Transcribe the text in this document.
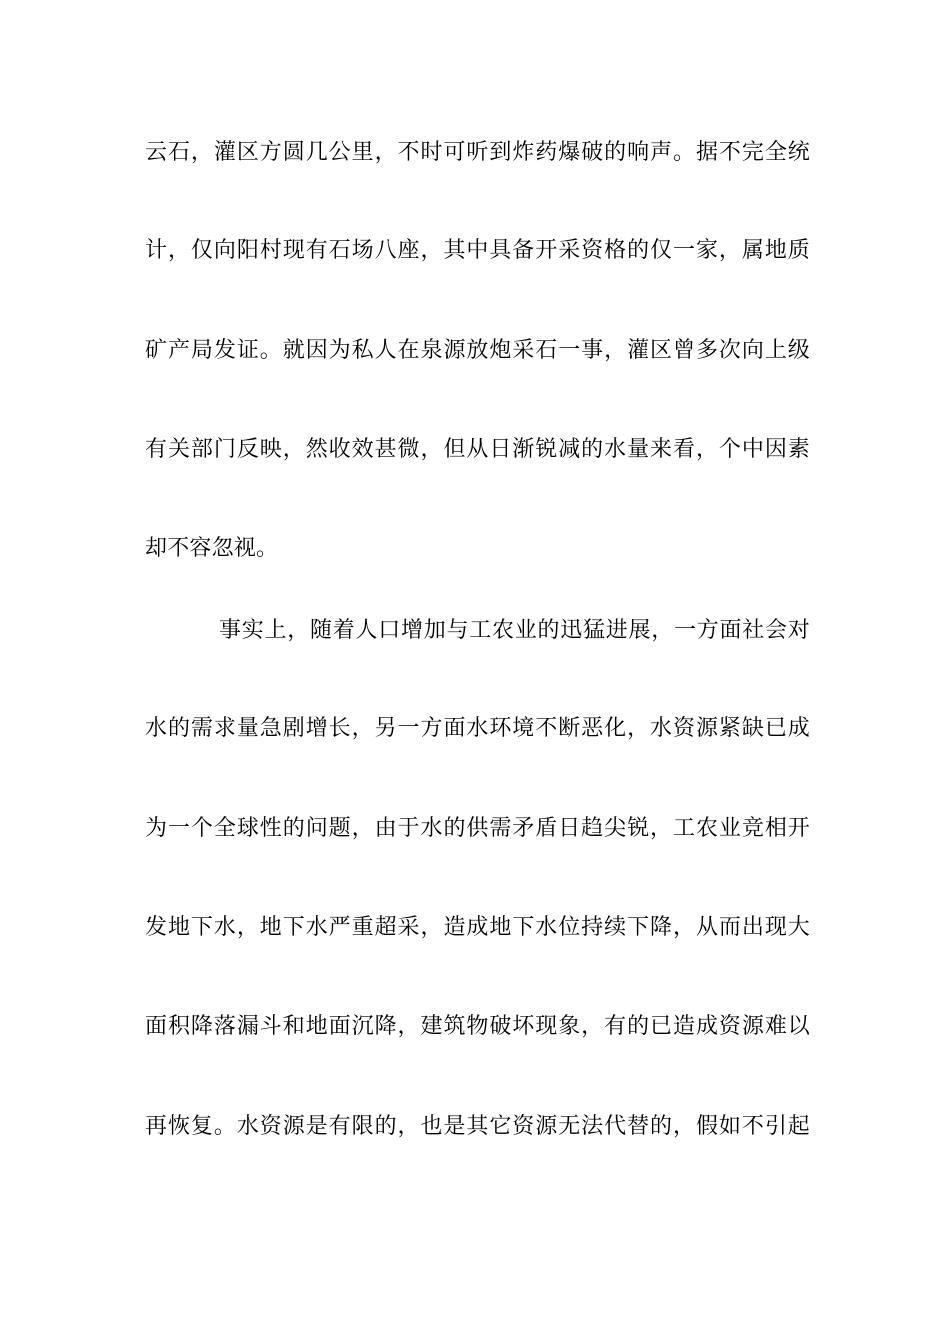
云石，灌区方圆几公里，不时可听到炸药爆破的响声。据不完全统
计，仅向阳村现有石场八座，其中具备开采资格的仅一家，属地质
矿产局发证。就因为私人在泉源放炮采石一事，灌区曾多次向上级
有关部门反映，然收效甚微，但从日渐锐减的水量来看，个中因素
却不容忽视。
事实上，随着人口增加与工农业的迅猛进展，一方面社会对
水的需求量急剧增长，另一方面水环境不断恶化，水资源紧缺已成
为一个全球性的问题，由于水的供需矛盾日趋尖锐，工农业竞相开
发地下水，地下水严重超采，造成地下水位持续下降，从而出现大
面积降落漏斗和地面沉降，建筑物破坏现象，有的已造成资源难以
再恢复。水资源是有限的，也是其它资源无法代替的，假如不引起
